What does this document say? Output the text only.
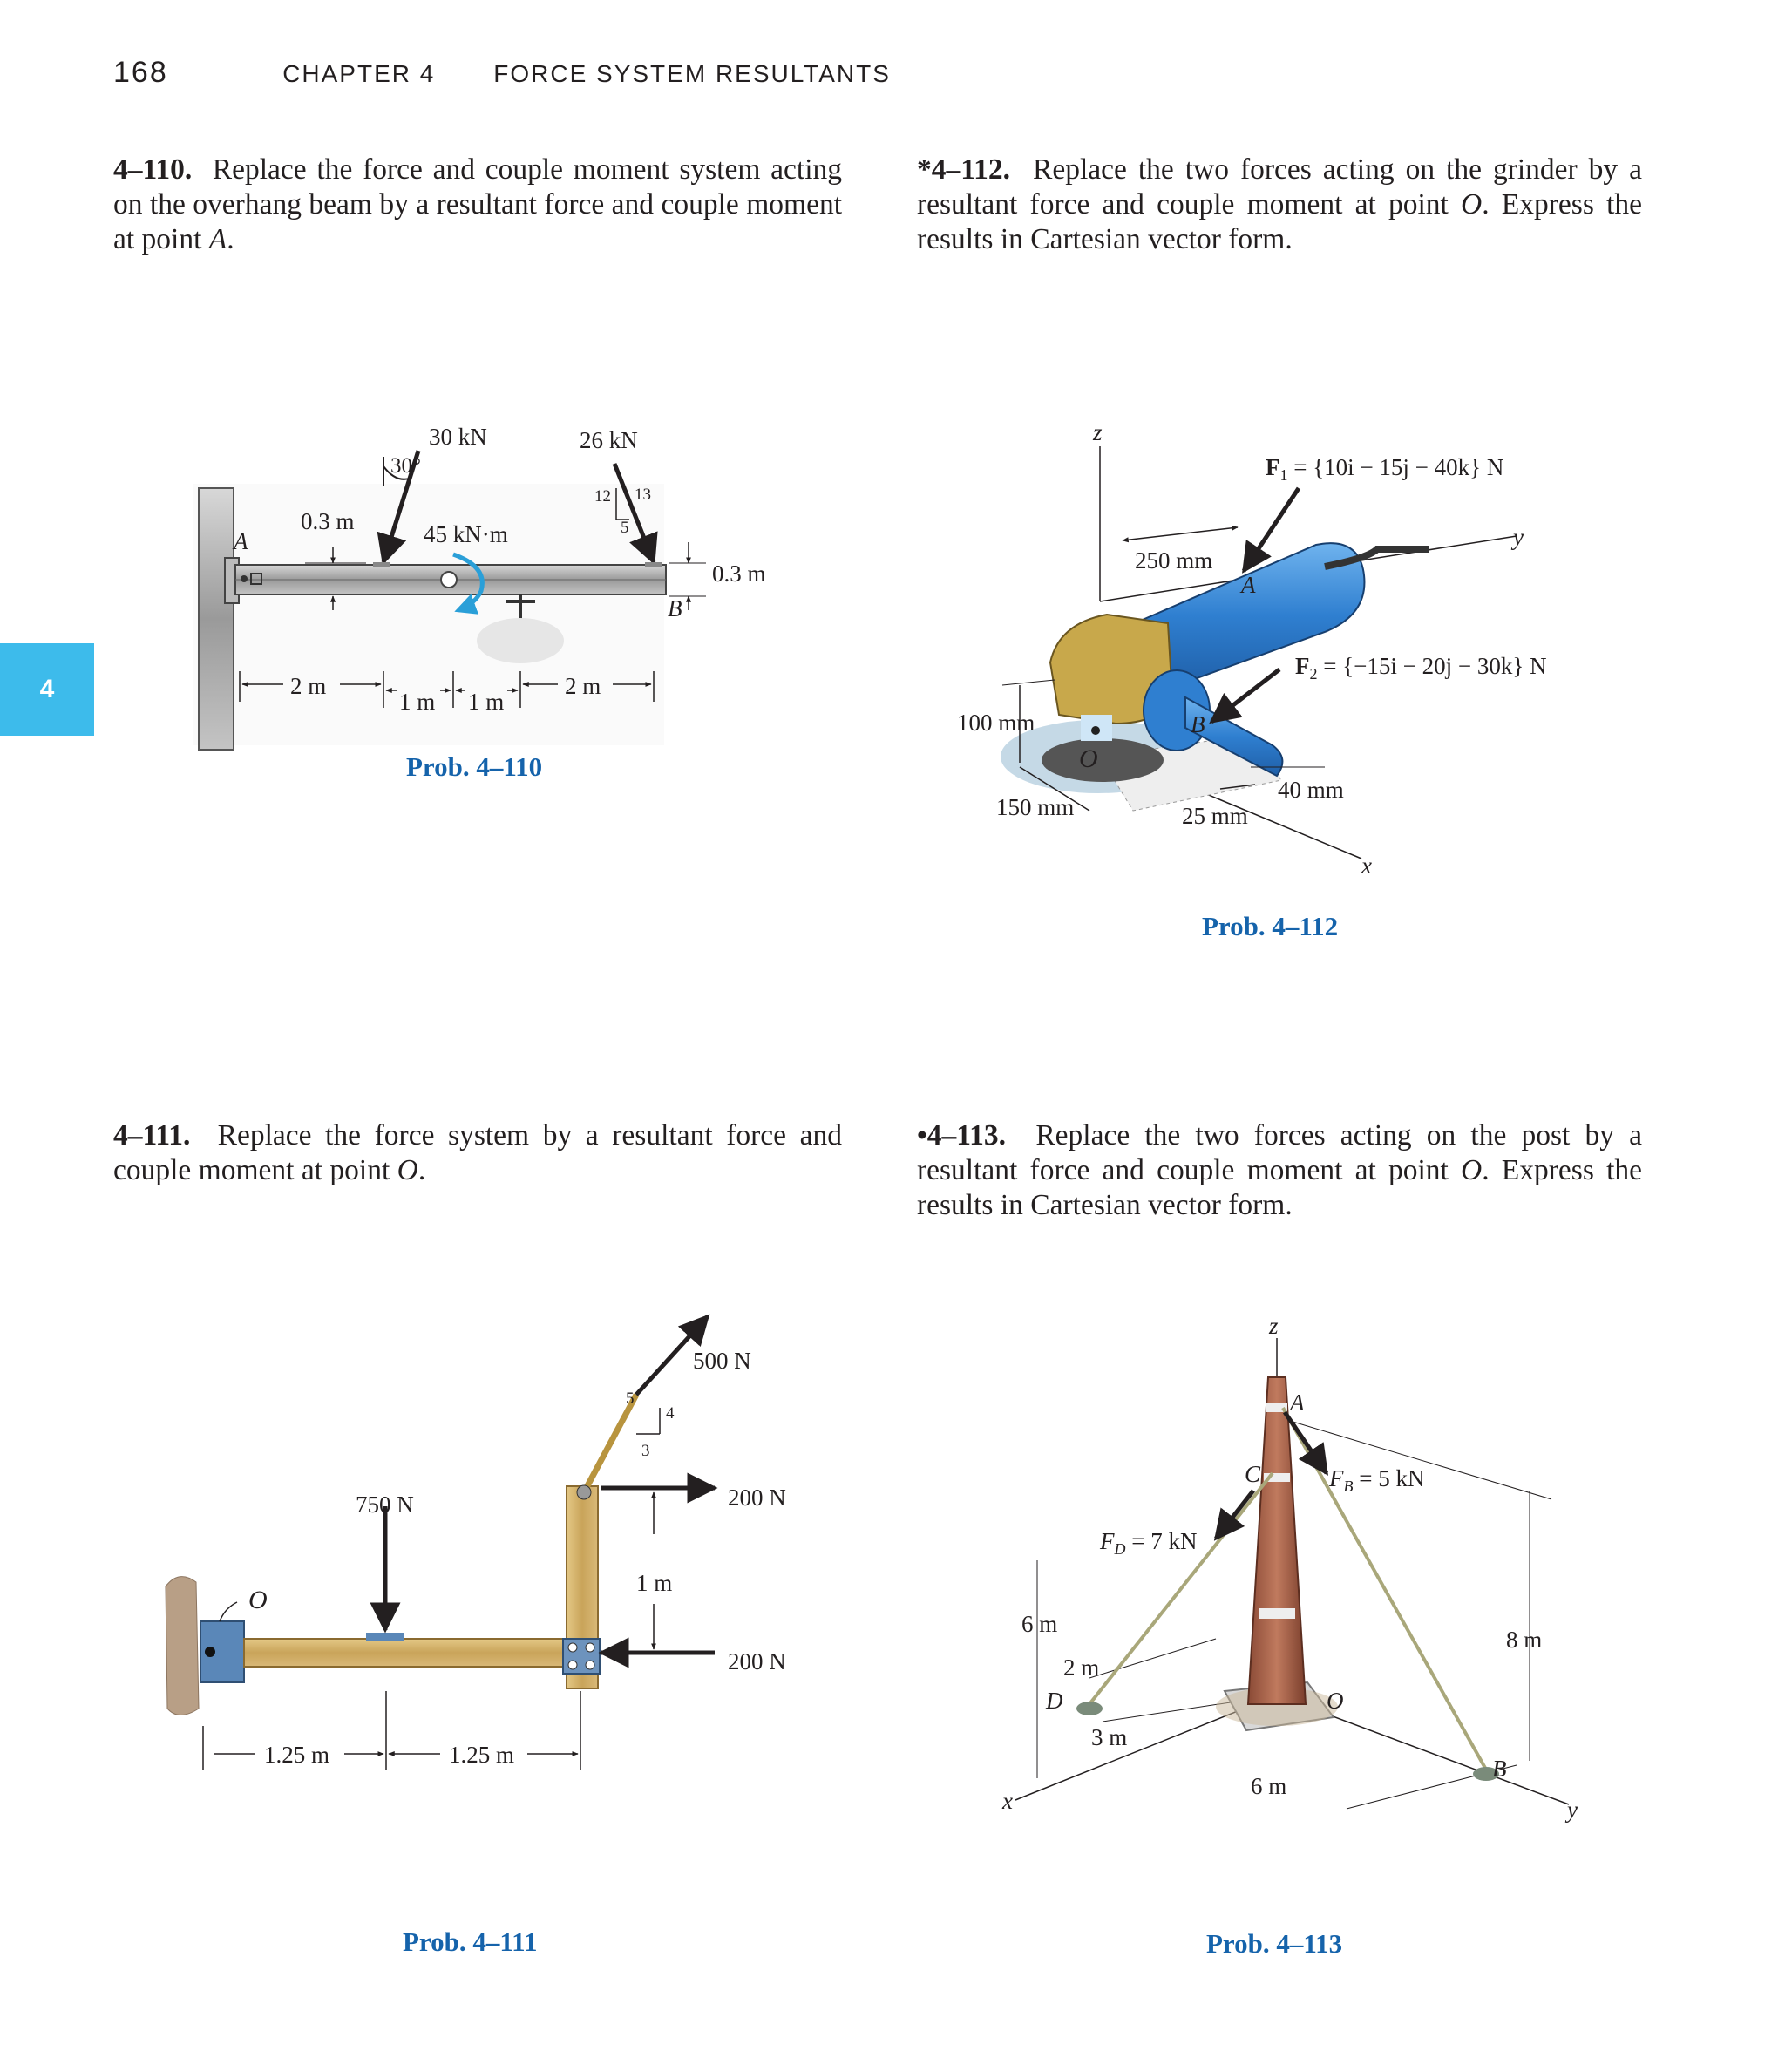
168	CHAPTER 4 FORCE SYSTEM RESULTANTS
4
4–110. Replace the force and couple moment system acting on the overhang beam by a resultant force and couple moment at point A.
*4–112. Replace the two forces acting on the grinder by a resultant force and couple moment at point O. Express the results in Cartesian vector form.
4–111. Replace the force system by a resultant force and couple moment at point O.
•4–113. Replace the two forces acting on the post by a resultant force and couple moment at point O. Express the results in Cartesian vector form.
Prob. 4–110
Prob. 4–112
Prob. 4–111	Prob. 4–113
30 kN
30°
26 kN
12 13
5
0.3 m	45 kN·m
0.3 m
A
B
2 m
1 m 1 m
2 m
500 N
5
4
3
750 N	200 N
200 N
1 m
O
1.25 m	1.25 m
z
y
x
$F_1 = \{10i - 15j - 40k\}$ N
$F_2 = \{-15i - 20j - 30k\}$ N
250 mm
A
B
O
100 mm
150 mm	25 mm
40 mm
z
A
C	$F_B = 5$ kN
$F_D = 7$ kN
6 m
8 m
2 m
D	O
3 m
6 m
B
x	y
